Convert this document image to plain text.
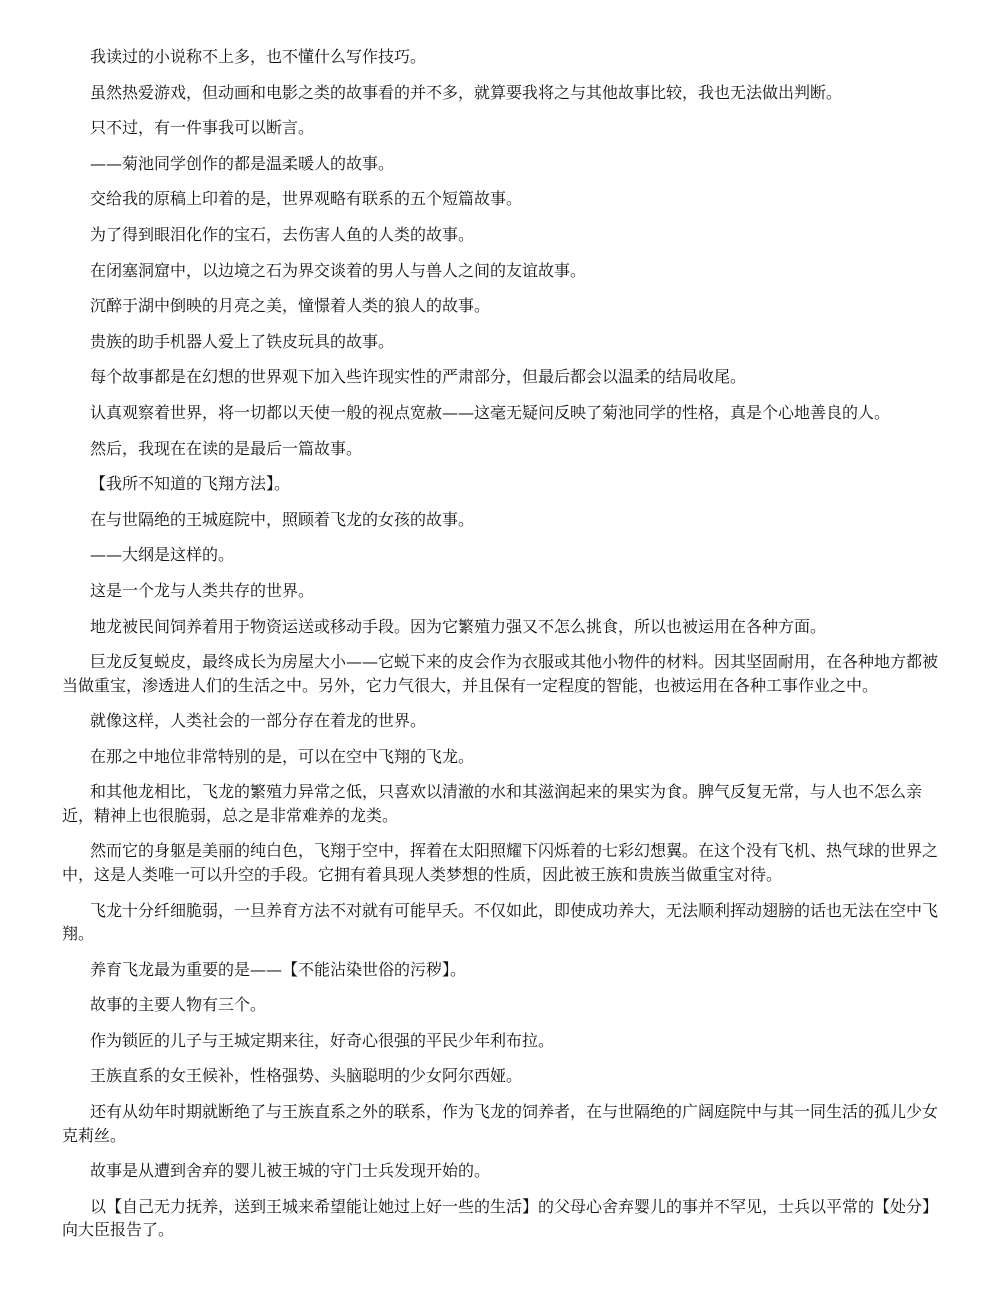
我读过的小说称不上多，也不懂什么写作技巧。

虽然热爱游戏，但动画和电影之类的故事看的并不多，就算要我将之与其他故事比较，我也无法做出判断。

只不过，有一件事我可以断言。

——菊池同学创作的都是温柔暖人的故事。

交给我的原稿上印着的是，世界观略有联系的五个短篇故事。

为了得到眼泪化作的宝石，去伤害人鱼的人类的故事。

在闭塞洞窟中，以边境之石为界交谈着的男人与兽人之间的友谊故事。

沉醉于湖中倒映的月亮之美，憧憬着人类的狼人的故事。

贵族的助手机器人爱上了铁皮玩具的故事。

每个故事都是在幻想的世界观下加入些许现实性的严肃部分，但最后都会以温柔的结局收尾。

认真观察着世界，将一切都以天使一般的视点宽赦——这毫无疑问反映了菊池同学的性格，真是个心地善良的人。

然后，我现在在读的是最后一篇故事。

【我所不知道的飞翔方法】。

在与世隔绝的王城庭院中，照顾着飞龙的女孩的故事。

——大纲是这样的。

这是一个龙与人类共存的世界。

地龙被民间饲养着用于物资运送或移动手段。因为它繁殖力强又不怎么挑食，所以也被运用在各种方面。

巨龙反复蜕皮，最终成长为房屋大小——它蜕下来的皮会作为衣服或其他小物件的材料。因其坚固耐用，在各种地方都被当做重宝，渗透进人们的生活之中。另外，它力气很大，并且保有一定程度的智能，也被运用在各种工事作业之中。

就像这样，人类社会的一部分存在着龙的世界。

在那之中地位非常特别的是，可以在空中飞翔的飞龙。

和其他龙相比，飞龙的繁殖力异常之低，只喜欢以清澈的水和其滋润起来的果实为食。脾气反复无常，与人也不怎么亲近，精神上也很脆弱，总之是非常难养的龙类。

然而它的身躯是美丽的纯白色，飞翔于空中，挥着在太阳照耀下闪烁着的七彩幻想翼。在这个没有飞机、热气球的世界之中，这是人类唯一可以升空的手段。它拥有着具现人类梦想的性质，因此被王族和贵族当做重宝对待。

飞龙十分纤细脆弱，一旦养育方法不对就有可能早夭。不仅如此，即使成功养大，无法顺利挥动翅膀的话也无法在空中飞翔。

养育飞龙最为重要的是——【不能沾染世俗的污秽】。

故事的主要人物有三个。

作为锁匠的儿子与王城定期来往，好奇心很强的平民少年利布拉。

王族直系的女王候补，性格强势、头脑聪明的少女阿尔西娅。

还有从幼年时期就断绝了与王族直系之外的联系，作为飞龙的饲养者，在与世隔绝的广阔庭院中与其一同生活的孤儿少女克莉丝。

故事是从遭到舍弃的婴儿被王城的守门士兵发现开始的。

以【自己无力抚养，送到王城来希望能让她过上好一些的生活】的父母心舍弃婴儿的事并不罕见，士兵以平常的【处分】向大臣报告了。
